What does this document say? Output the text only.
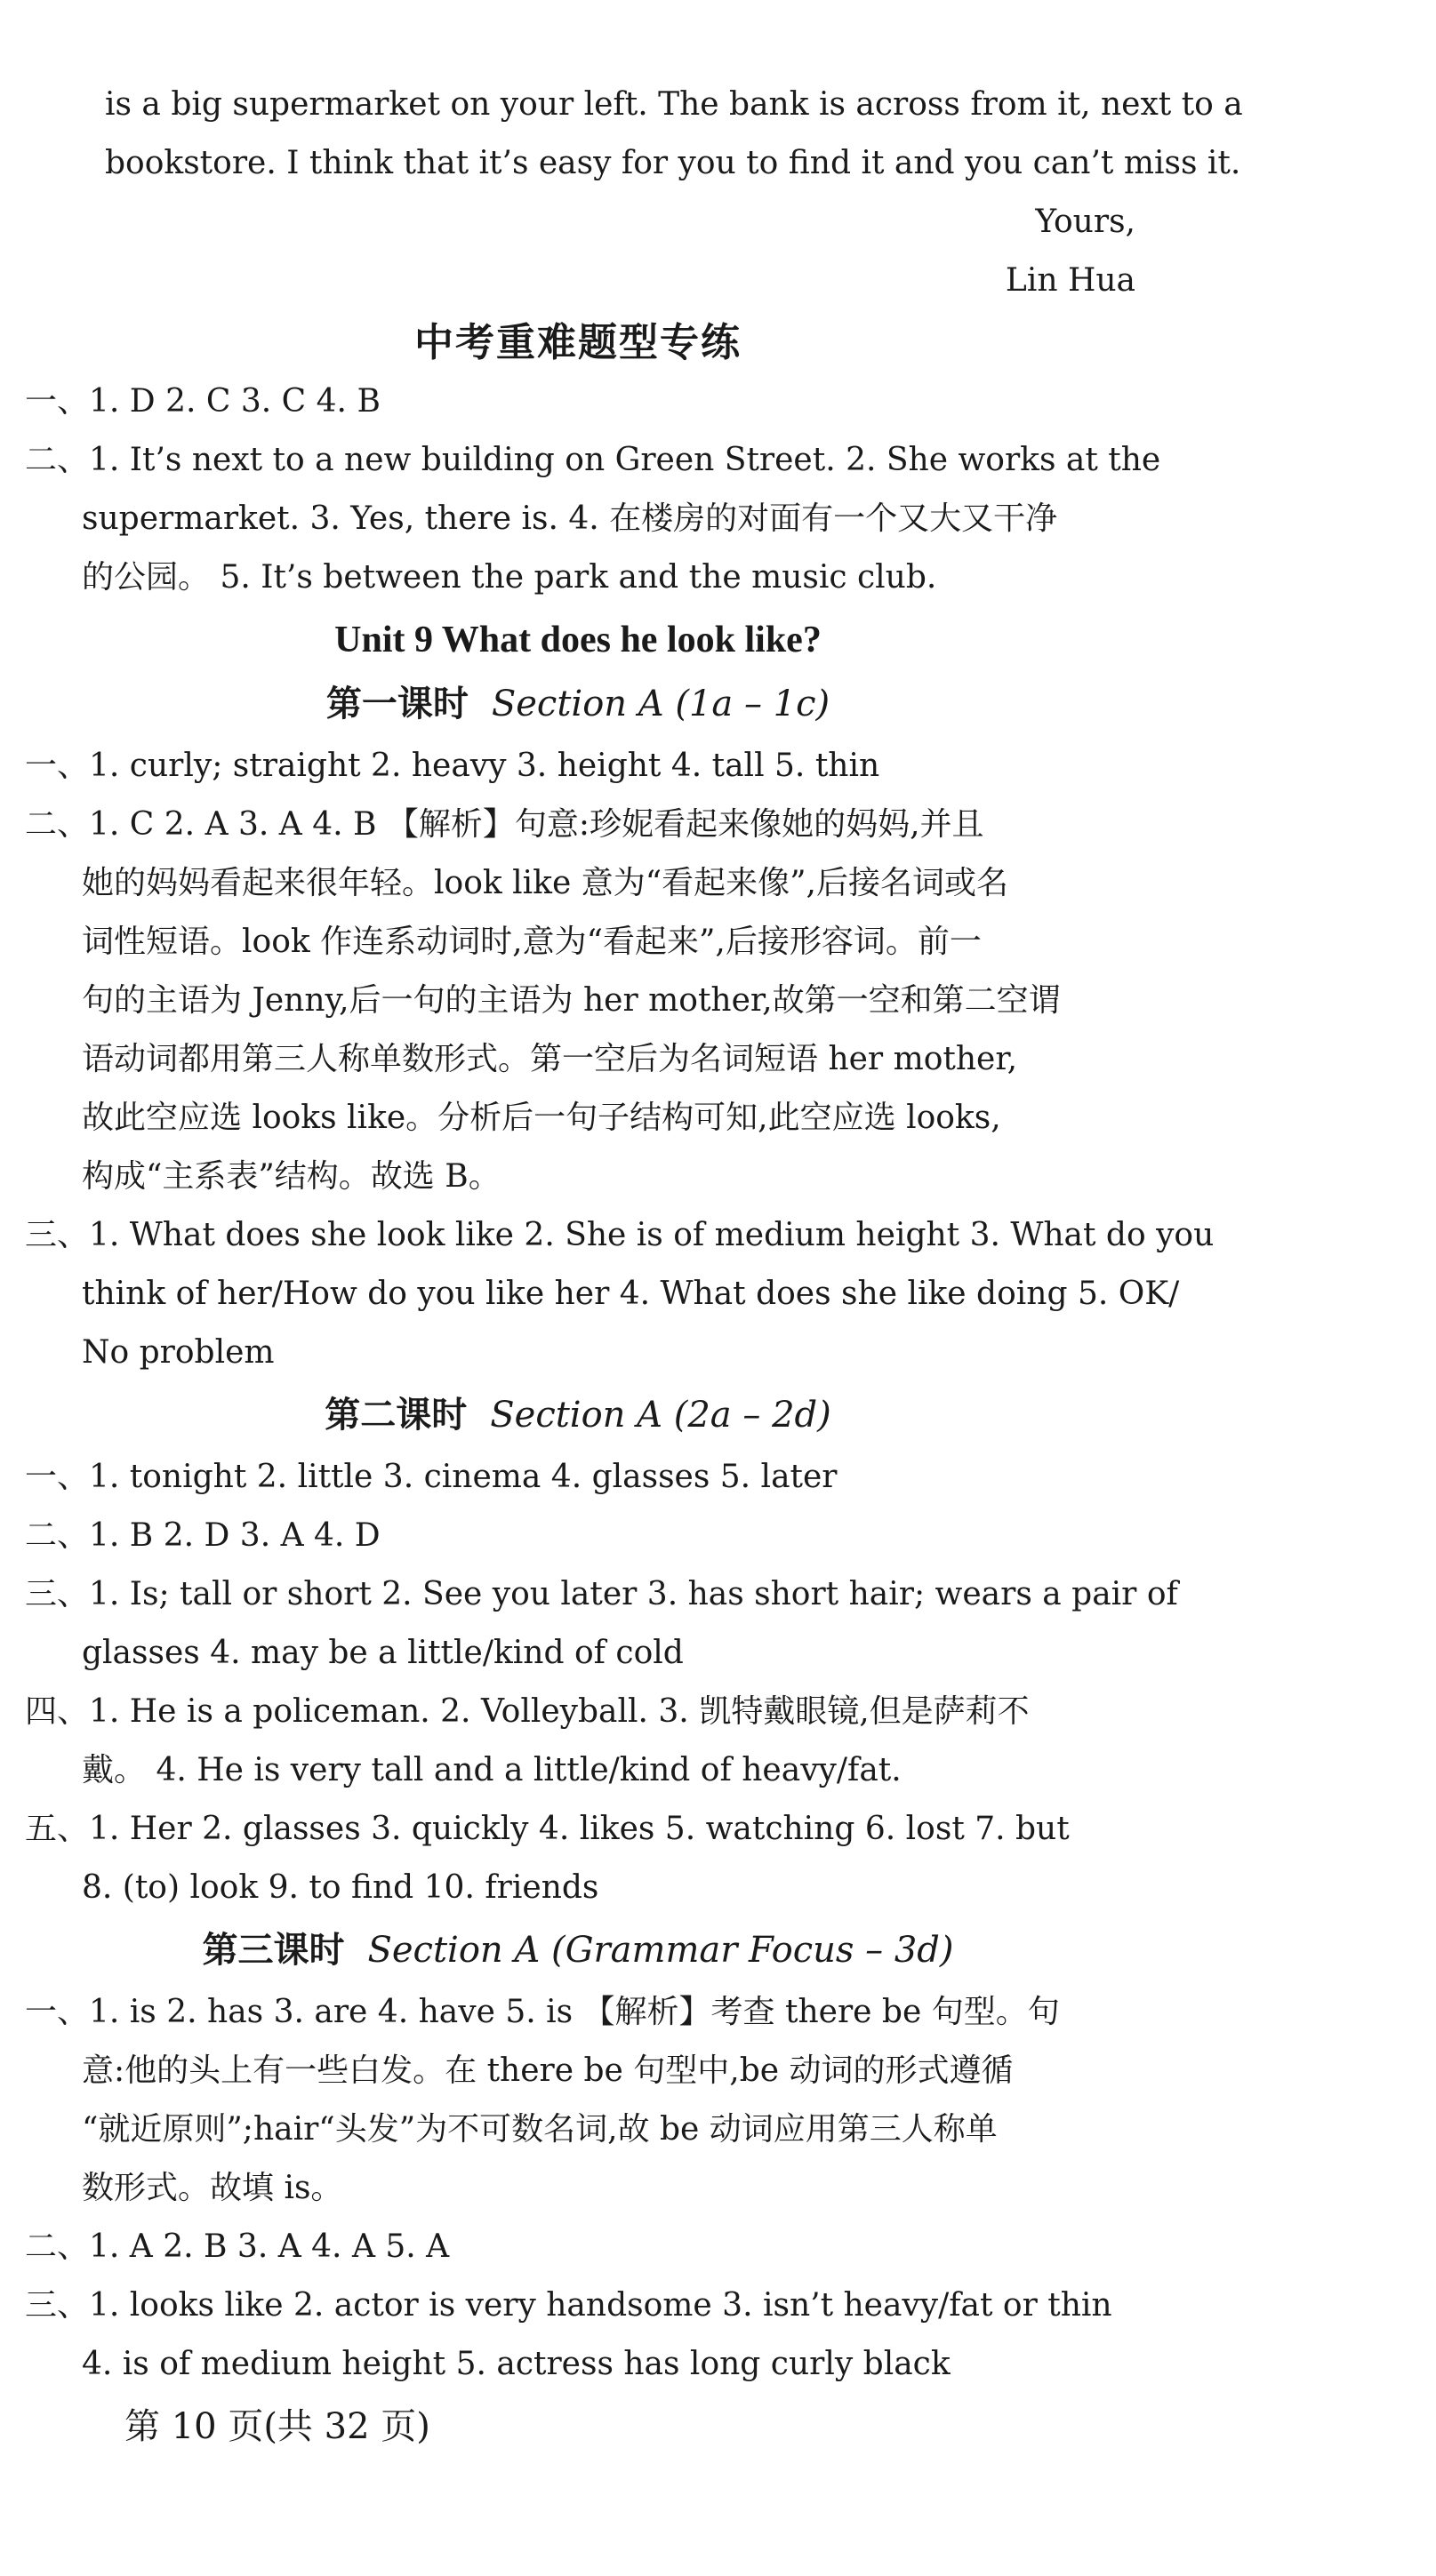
is a big supermarket on your left. The bank is across from it, next to a
bookstore. I think that it’s easy for you to find it and you can’t miss it.
Yours,
Lin Hua
中考重难题型专练
一、1. D 2. C 3. C 4. B
二、1. It’s next to a new building on Green Street. 2. She works at the
supermarket. 3. Yes, there is. 4. 在楼房的对面有一个又大又干净
的公园。 5. It’s between the park and the music club.
Unit 9 What does he look like?
第一课时 Section A (1a – 1c)
一、1. curly; straight 2. heavy 3. height 4. tall 5. thin
二、1. C 2. A 3. A 4. B 【解析】句意:珍妮看起来像她的妈妈,并且
她的妈妈看起来很年轻。look like 意为“看起来像”,后接名词或名
词性短语。look 作连系动词时,意为“看起来”,后接形容词。前一
句的主语为 Jenny,后一句的主语为 her mother,故第一空和第二空谓
语动词都用第三人称单数形式。第一空后为名词短语 her mother,
故此空应选 looks like。分析后一句子结构可知,此空应选 looks,
构成“主系表”结构。故选 B。
三、1. What does she look like 2. She is of medium height 3. What do you
think of her/How do you like her 4. What does she like doing 5. OK/
No problem
第二课时 Section A (2a – 2d)
一、1. tonight 2. little 3. cinema 4. glasses 5. later
二、1. B 2. D 3. A 4. D
三、1. Is; tall or short 2. See you later 3. has short hair; wears a pair of
glasses 4. may be a little/kind of cold
四、1. He is a policeman. 2. Volleyball. 3. 凯特戴眼镜,但是萨莉不
戴。 4. He is very tall and a little/kind of heavy/fat.
五、1. Her 2. glasses 3. quickly 4. likes 5. watching 6. lost 7. but
8. (to) look 9. to find 10. friends
第三课时 Section A (Grammar Focus – 3d)
一、1. is 2. has 3. are 4. have 5. is 【解析】考查 there be 句型。句
意:他的头上有一些白发。在 there be 句型中,be 动词的形式遵循
“就近原则”;hair“头发”为不可数名词,故 be 动词应用第三人称单
数形式。故填 is。
二、1. A 2. B 3. A 4. A 5. A
三、1. looks like 2. actor is very handsome 3. isn’t heavy/fat or thin
4. is of medium height 5. actress has long curly black
第 10 页(共 32 页)
